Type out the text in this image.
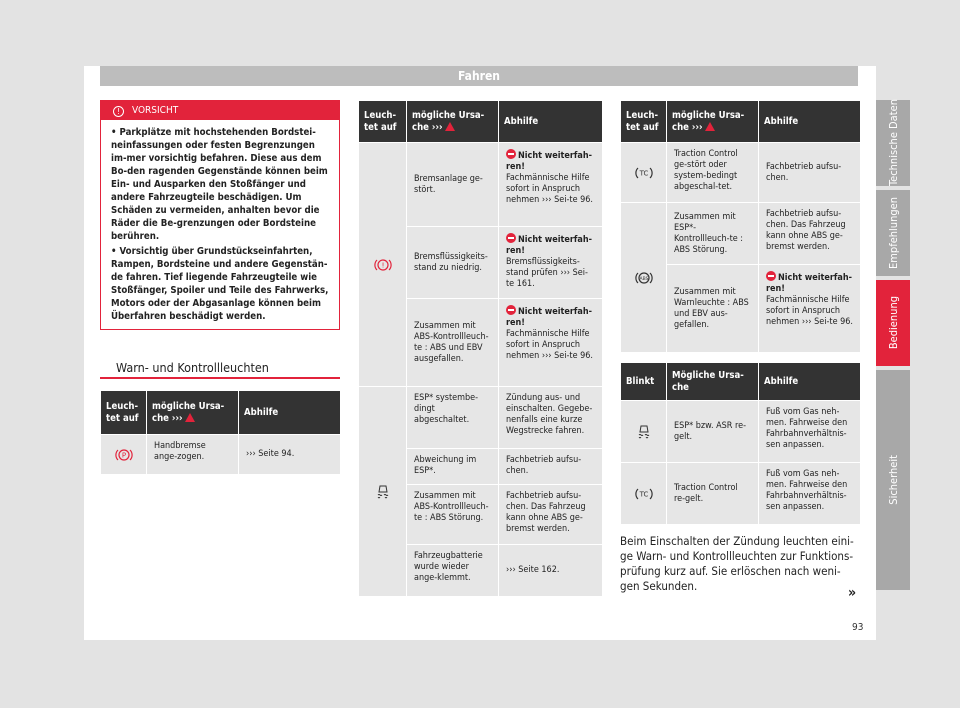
Fahren
! VORSICHT

• Parkplätze mit hochstehenden Bordstei-neinfassungen oder festen Begrenzungen im-mer vorsichtig befahren. Diese aus dem Bo-den ragenden Gegenstände können beim Ein- und Ausparken den Stoßfänger und andere Fahrzeugteile beschädigen. Um Schäden zu vermeiden, anhalten bevor die Räder die Be-grenzungen oder Bordsteine berühren.

• Vorsichtig über Grundstückseinfahrten, Rampen, Bordsteine und andere Gegenstän-de fahren. Tief liegende Fahrzeugteile wie Stoßfänger, Spoiler und Teile des Fahrwerks, Motors oder der Abgasanlage können beim Überfahren beschädigt werden.

Warn- und Kontrollleuchten
Leuch-tet auf	mögliche Ursa-che ›››	Abhilfe

P	Handbremse ange-zogen.	››› Seite 94.
Leuch-tet auf	mögliche Ursa-che ›››	Abhilfe

!	Bremsanlage ge-stört.	Nicht weiterfah-ren!
Fachmännische Hilfe sofort in Anspruch nehmen ››› Sei-te 96.
	Bremsflüssigkeits-stand zu niedrig.	Nicht weiterfah-ren!
Bremsflüssigkeits-stand prüfen ››› Sei-te 161.
	Zusammen mit ABS-Kontrollleuch-te : ABS und EBV ausgefallen.	Nicht weiterfah-ren!
Fachmännische Hilfe sofort in Anspruch nehmen ››› Sei-te 96.
	ESP* systembe-dingt abgeschaltet.	Zündung aus- und einschalten. Gegebe-nenfalls eine kurze Wegstrecke fahren.
	Abweichung im ESP*.	Fachbetrieb aufsu-chen.
	Zusammen mit ABS-Kontrollleuch-te : ABS Störung.	Fachbetrieb aufsu-chen. Das Fahrzeug kann ohne ABS ge-bremst werden.
	Fahrzeugbatterie wurde wieder ange-klemmt.	››› Seite 162.
Leuch-tet auf	mögliche Ursa-che ›››	Abhilfe

TC	Traction Control ge-stört oder system-bedingt abgeschal-tet.	Fachbetrieb aufsu-chen.

ABS	Zusammen mit ESP*-Kontrollleuch-te : ABS Störung.	Fachbetrieb aufsu-chen. Das Fahrzeug kann ohne ABS ge-bremst werden.
	Zusammen mit Warnleuchte : ABS und EBV aus-gefallen.	Nicht weiterfah-ren!
Fachmännische Hilfe sofort in Anspruch nehmen ››› Sei-te 96.
Blinkt	Mögliche Ursa-che	Abhilfe
	ESP* bzw. ASR re-gelt.	Fuß vom Gas neh-men. Fahrweise den Fahrbahnverhältnis-sen anpassen.

TC	Traction Control re-gelt.	Fuß vom Gas neh-men. Fahrweise den Fahrbahnverhältnis-sen anpassen.
Beim Einschalten der Zündung leuchten eini-ge Warn- und Kontrollleuchten zur Funktions-prüfung kurz auf. Sie erlöschen nach weni-gen Sekunden.	»
Technische Daten
Empfehlungen
Bedienung
Sicherheit
93
